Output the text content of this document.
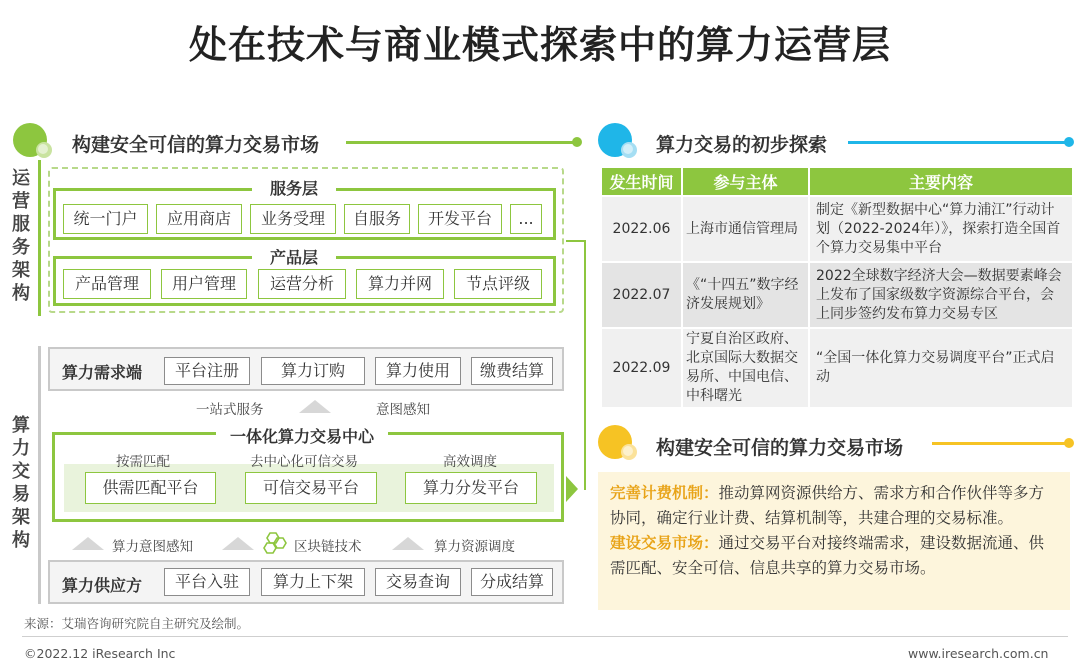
处在技术与商业模式探索中的算力运营层
构建安全可信的算力交易市场
运
营
服
务
架
构
算
力
交
易
架
构
服务层
统一门户	应用商店	业务受理	自服务	开发平台	...
产品层
产品管理	用户管理	运营分析	算力并网	节点评级
算力需求端	平台注册	算力订购	算力使用	缴费结算
一站式服务	意图感知
一体化算力交易中心
按需匹配	去中心化可信交易	高效调度
供需匹配平台	可信交易平台	算力分发平台
算力意图感知	区块链技术	算力资源调度
算力供应方	平台入驻	算力上下架	交易查询	分成结算
算力交易的初步探索
发生时间	参与主体	主要内容
2022.06	上海市通信管理局	制定《新型数据中心“算力浦江”行动计划（2022-2024年）》，探索打造全国首个算力交易集中平台
2022.07	《“十四五”数字经济发展规划》	2022全球数字经济大会—数据要素峰会上发布了国家级数字资源综合平台，会上同步签约发布算力交易专区
2022.09	宁夏自治区政府、北京国际大数据交易所、中国电信、中科曙光	“全国一体化算力交易调度平台”正式启动
构建安全可信的算力交易市场

完善计费机制：推动算网资源供给方、需求方和合作伙伴等多方协同，确定行业计费、结算机制等，共建合理的交易标准。

建设交易市场：通过交易平台对接终端需求，建设数据流通、供需匹配、安全可信、信息共享的算力交易市场。

来源：艾瑞咨询研究院自主研究及绘制。
©2022.12 iResearch Inc	www.iresearch.com.cn
